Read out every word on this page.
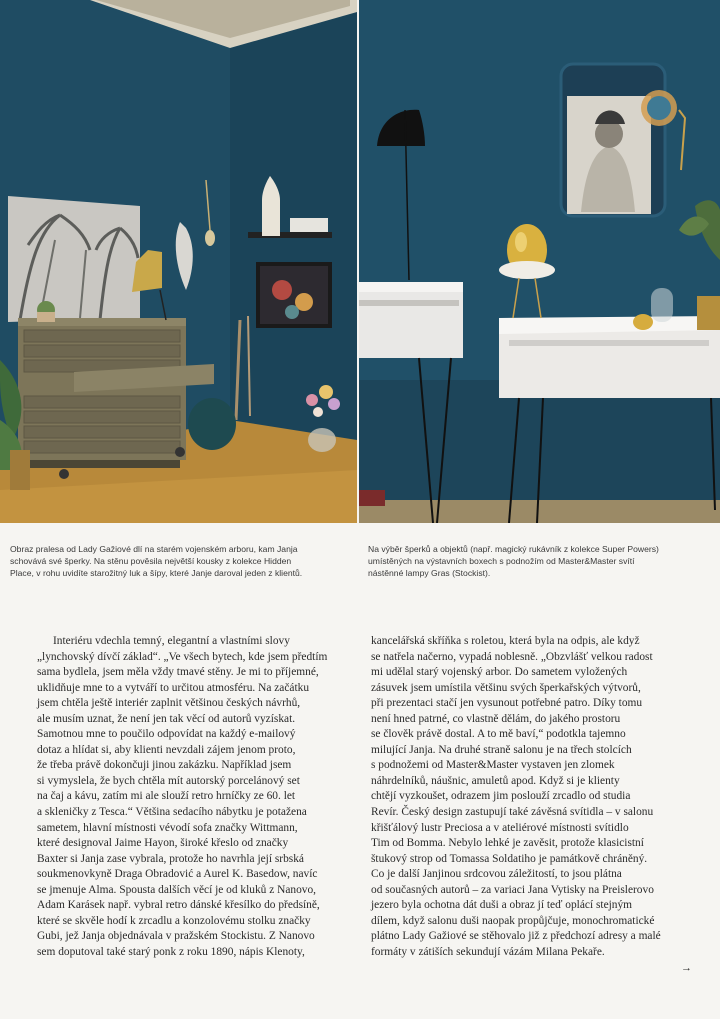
Obraz pralesa od Lady Gažiové dlí na starém vojenském arboru, kam Janja
schovává své šperky. Na stěnu pověsila největší kousky z kolekce Hidden
Place, v rohu uvidíte starožitný luk a šípy, které Janje daroval jeden z klientů.
Na výběr šperků a objektů (např. magický rukávník z kolekce Super Powers)
umístěných na výstavních boxech s podnožím od Master&Master svítí
nástěnné lampy Gras (Stockist).
Interiéru vdechla temný, elegantní a vlastními slovy
„lynchovský dívčí základ“. „Ve všech bytech, kde jsem předtím
sama bydlela, jsem měla vždy tmavé stěny. Je mi to příjemné,
uklidňuje mne to a vytváří to určitou atmosféru. Na začátku
jsem chtěla ještě interiér zaplnit většinou českých návrhů,
ale musím uznat, že není jen tak věcí od autorů vyzískat.
Samotnou mne to poučilo odpovídat na každý e-mailový
dotaz a hlídat si, aby klienti nevzdali zájem jenom proto,
že třeba právě dokončuji jinou zakázku. Například jsem
si vymyslela, že bych chtěla mít autorský porcelánový set
na čaj a kávu, zatím mi ale slouží retro hrníčky ze 60. let
a skleničky z Tesca.“ Většina sedacího nábytku je potažena
sametem, hlavní místnosti vévodí sofa značky Wittmann,
které designoval Jaime Hayon, široké křeslo od značky
Baxter si Janja zase vybrala, protože ho navrhla její srbská
soukmenovkyně Draga Obradović a Aurel K. Basedow, navíc
se jmenuje Alma. Spousta dalších věcí je od kluků z Nanovo,
Adam Karásek např. vybral retro dánské křesílko do předsíně,
které se skvěle hodí k zrcadlu a konzolovému stolku značky
Gubi, jež Janja objednávala v pražském Stockistu. Z Nanovo
sem doputoval také starý ponk z roku 1890, nápis Klenoty,
kancelářská skříňka s roletou, která byla na odpis, ale když
se natřela načerno, vypadá noblesně. „Obzvlášť velkou radost
mi udělal starý vojenský arbor. Do sametem vyložených
zásuvek jsem umístila většinu svých šperkařských výtvorů,
při prezentaci stačí jen vysunout potřebné patro. Díky tomu
není hned patrné, co vlastně dělám, do jakého prostoru
se člověk právě dostal. A to mě baví,“ podotkla tajemno
milující Janja. Na druhé straně salonu je na třech stolcích
s podnožemi od Master&Master vystaven jen zlomek
náhrdelníků, náušnic, amuletů apod. Když si je klienty
chtějí vyzkoušet, odrazem jim poslouží zrcadlo od studia
Revír. Český design zastupují také závěsná svítidla – v salonu
křišťálový lustr Preciosa a v ateliérové místnosti svítidlo
Tim od Bomma. Nebylo lehké je zavěsit, protože klasicistní
štukový strop od Tomassa Soldatiho je památkově chráněný.
Co je další Janjinou srdcovou záležitostí, to jsou plátna
od současných autorů – za variaci Jana Vytisky na Preislerovo
jezero byla ochotna dát duši a obraz jí teď oplácí stejným
dílem, když salonu duši naopak propůjčuje, monochromatické
plátno Lady Gažiové se stěhovalo již z předchozí adresy a malé
formáty v zátiších sekundují vázám Milana Pekaře.
→
